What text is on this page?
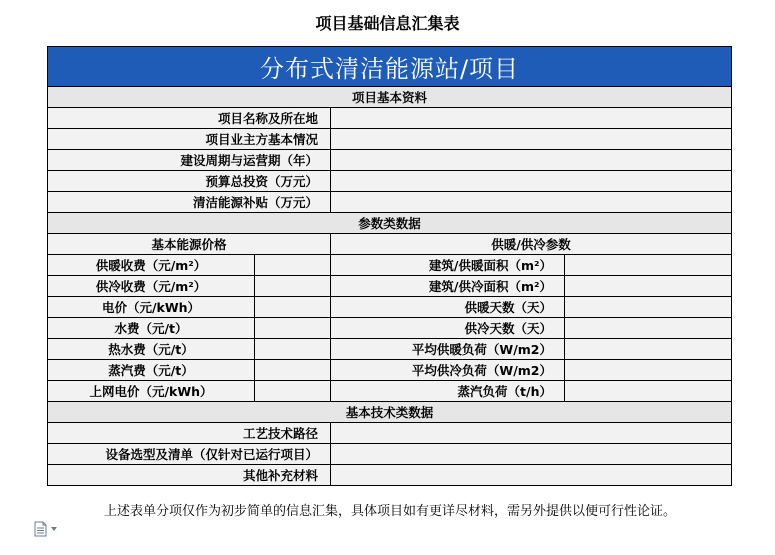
项目基础信息汇集表
分布式清洁能源站/项目			
项目基本资料			
项目名称及所在地			
项目业主方基本情况			
建设周期与运营期（年）			
预算总投资（万元）			
清洁能源补贴（万元）			
参数类数据			
基本能源价格		供暖/供冷参数	
供暖收费（元/m²）		建筑/供暖面积（m²）	
供冷收费（元/m²）		建筑/供冷面积（m²）	
电价（元/kWh）		供暖天数（天）	
水费（元/t）		供冷天数（天）	
热水费（元/t）		平均供暖负荷（W/m2）	
蒸汽费（元/t）		平均供冷负荷（W/m2）	
上网电价（元/kWh）		蒸汽负荷（t/h）	
基本技术类数据			
工艺技术路径			
设备选型及清单（仅针对已运行项目）			
其他补充材料			
上述表单分项仅作为初步简单的信息汇集，具体项目如有更详尽材料，需另外提供以便可行性论证。
